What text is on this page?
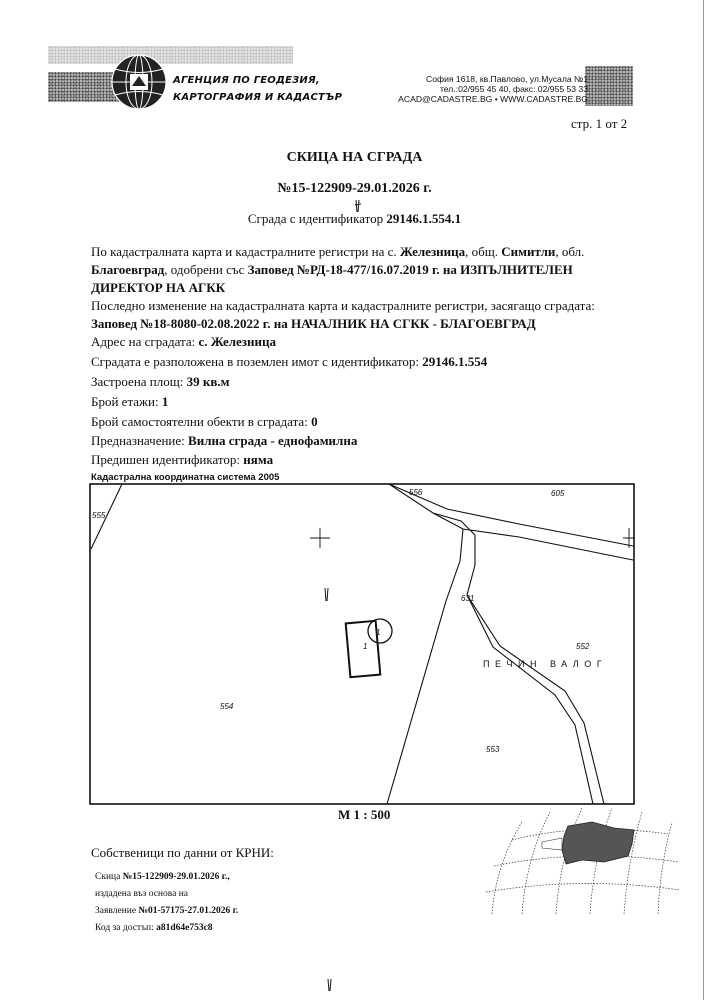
АГЕНЦИЯ ПО ГЕОДЕЗИЯ,
КАРТОГРАФИЯ И КАДАСТЪР
София 1618, кв.Павлово, ул.Мусала №1
тел.:02/955 45 40, факс: 02/955 53 33
ACAD@CADASTRE.BG • WWW.CADASTRE.BG
стр. 1 от 2
СКИЦА НА СГРАДА
№15-122909-29.01.2026 г.
Сграда с идентификатор 29146.1.554.1
По кадастралната карта и кадастралните регистри на с. Железница, общ. Симитли, обл. Благоевград, одобрени със Заповед №РД-18-477/16.07.2019 г. на ИЗПЪЛНИТЕЛЕН ДИРЕКТОР НА АГКК
Последно изменение на кадастралната карта и кадастралните регистри, засягащо сградата:
Заповед №18-8080-02.08.2022 г. на НАЧАЛНИК НА СГКК - БЛАГОЕВГРАД
Адрес на сградата: с. Железница
Сградата е разположена в поземлен имот с идентификатор: 29146.1.554
Застроена площ: 39 кв.м
Брой етажи: 1
Брой самостоятелни обекти в сградата: 0
Предназначение: Вилна сграда - еднофамилна
Предишен идентификатор: няма
Кадастрална координатна система 2005
555
556	605
631
552
554
553
1
1
ПЕЧИН ВАЛОГ
М 1 : 500
Собственици по данни от КРНИ:
Скица №15-122909-29.01.2026 г.,
издадена въз основа на
Заявление №01-57175-27.01.2026 г.
Код за достъп: a81d64e753c8
